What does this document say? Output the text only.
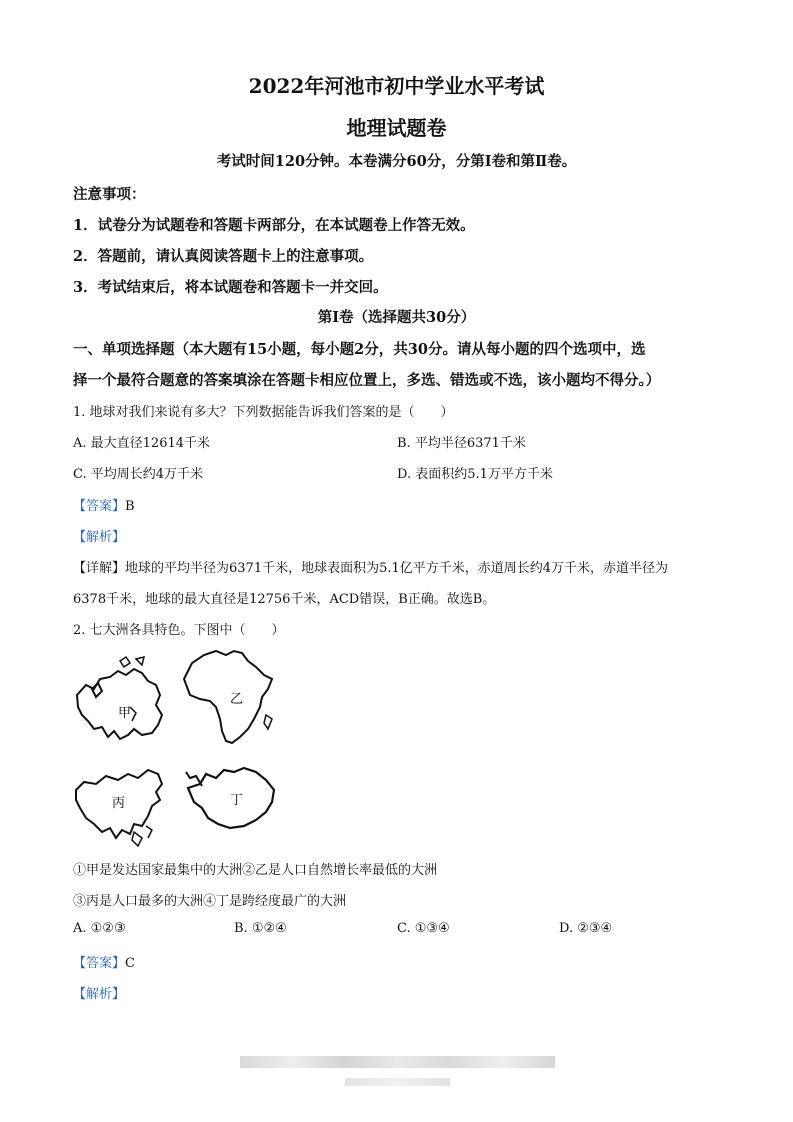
2022年河池市初中学业水平考试
地理试题卷
考试时间120分钟。本卷满分60分，分第Ⅰ卷和第Ⅱ卷。
注意事项：
1．试卷分为试题卷和答题卡两部分，在本试题卷上作答无效。
2．答题前，请认真阅读答题卡上的注意事项。
3．考试结束后，将本试题卷和答题卡一并交回。
第Ⅰ卷（选择题共30分）
一、单项选择题（本大题有15小题，每小题2分，共30分。请从每小题的四个选项中，选
择一个最符合题意的答案填涂在答题卡相应位置上，多选、错选或不选，该小题均不得分。）
1. 地球对我们来说有多大？下列数据能告诉我们答案的是（　　）
A. 最大直径12614千米	B. 平均半径6371千米
C. 平均周长约4万千米	D. 表面积约5.1万平方千米
【答案】B
【解析】
【详解】地球的平均半径为6371千米，地球表面积为5.1亿平方千米，赤道周长约4万千米，赤道半径为
6378千米，地球的最大直径是12756千米，ACD错误，B正确。故选B。
2. 七大洲各具特色。下图中（　　）
甲
乙
丙	丁
①甲是发达国家最集中的大洲②乙是人口自然增长率最低的大洲
③丙是人口最多的大洲④丁是跨经度最广的大洲
A. ①②③	B. ①②④	C. ①③④	D. ②③④
【答案】C
【解析】
